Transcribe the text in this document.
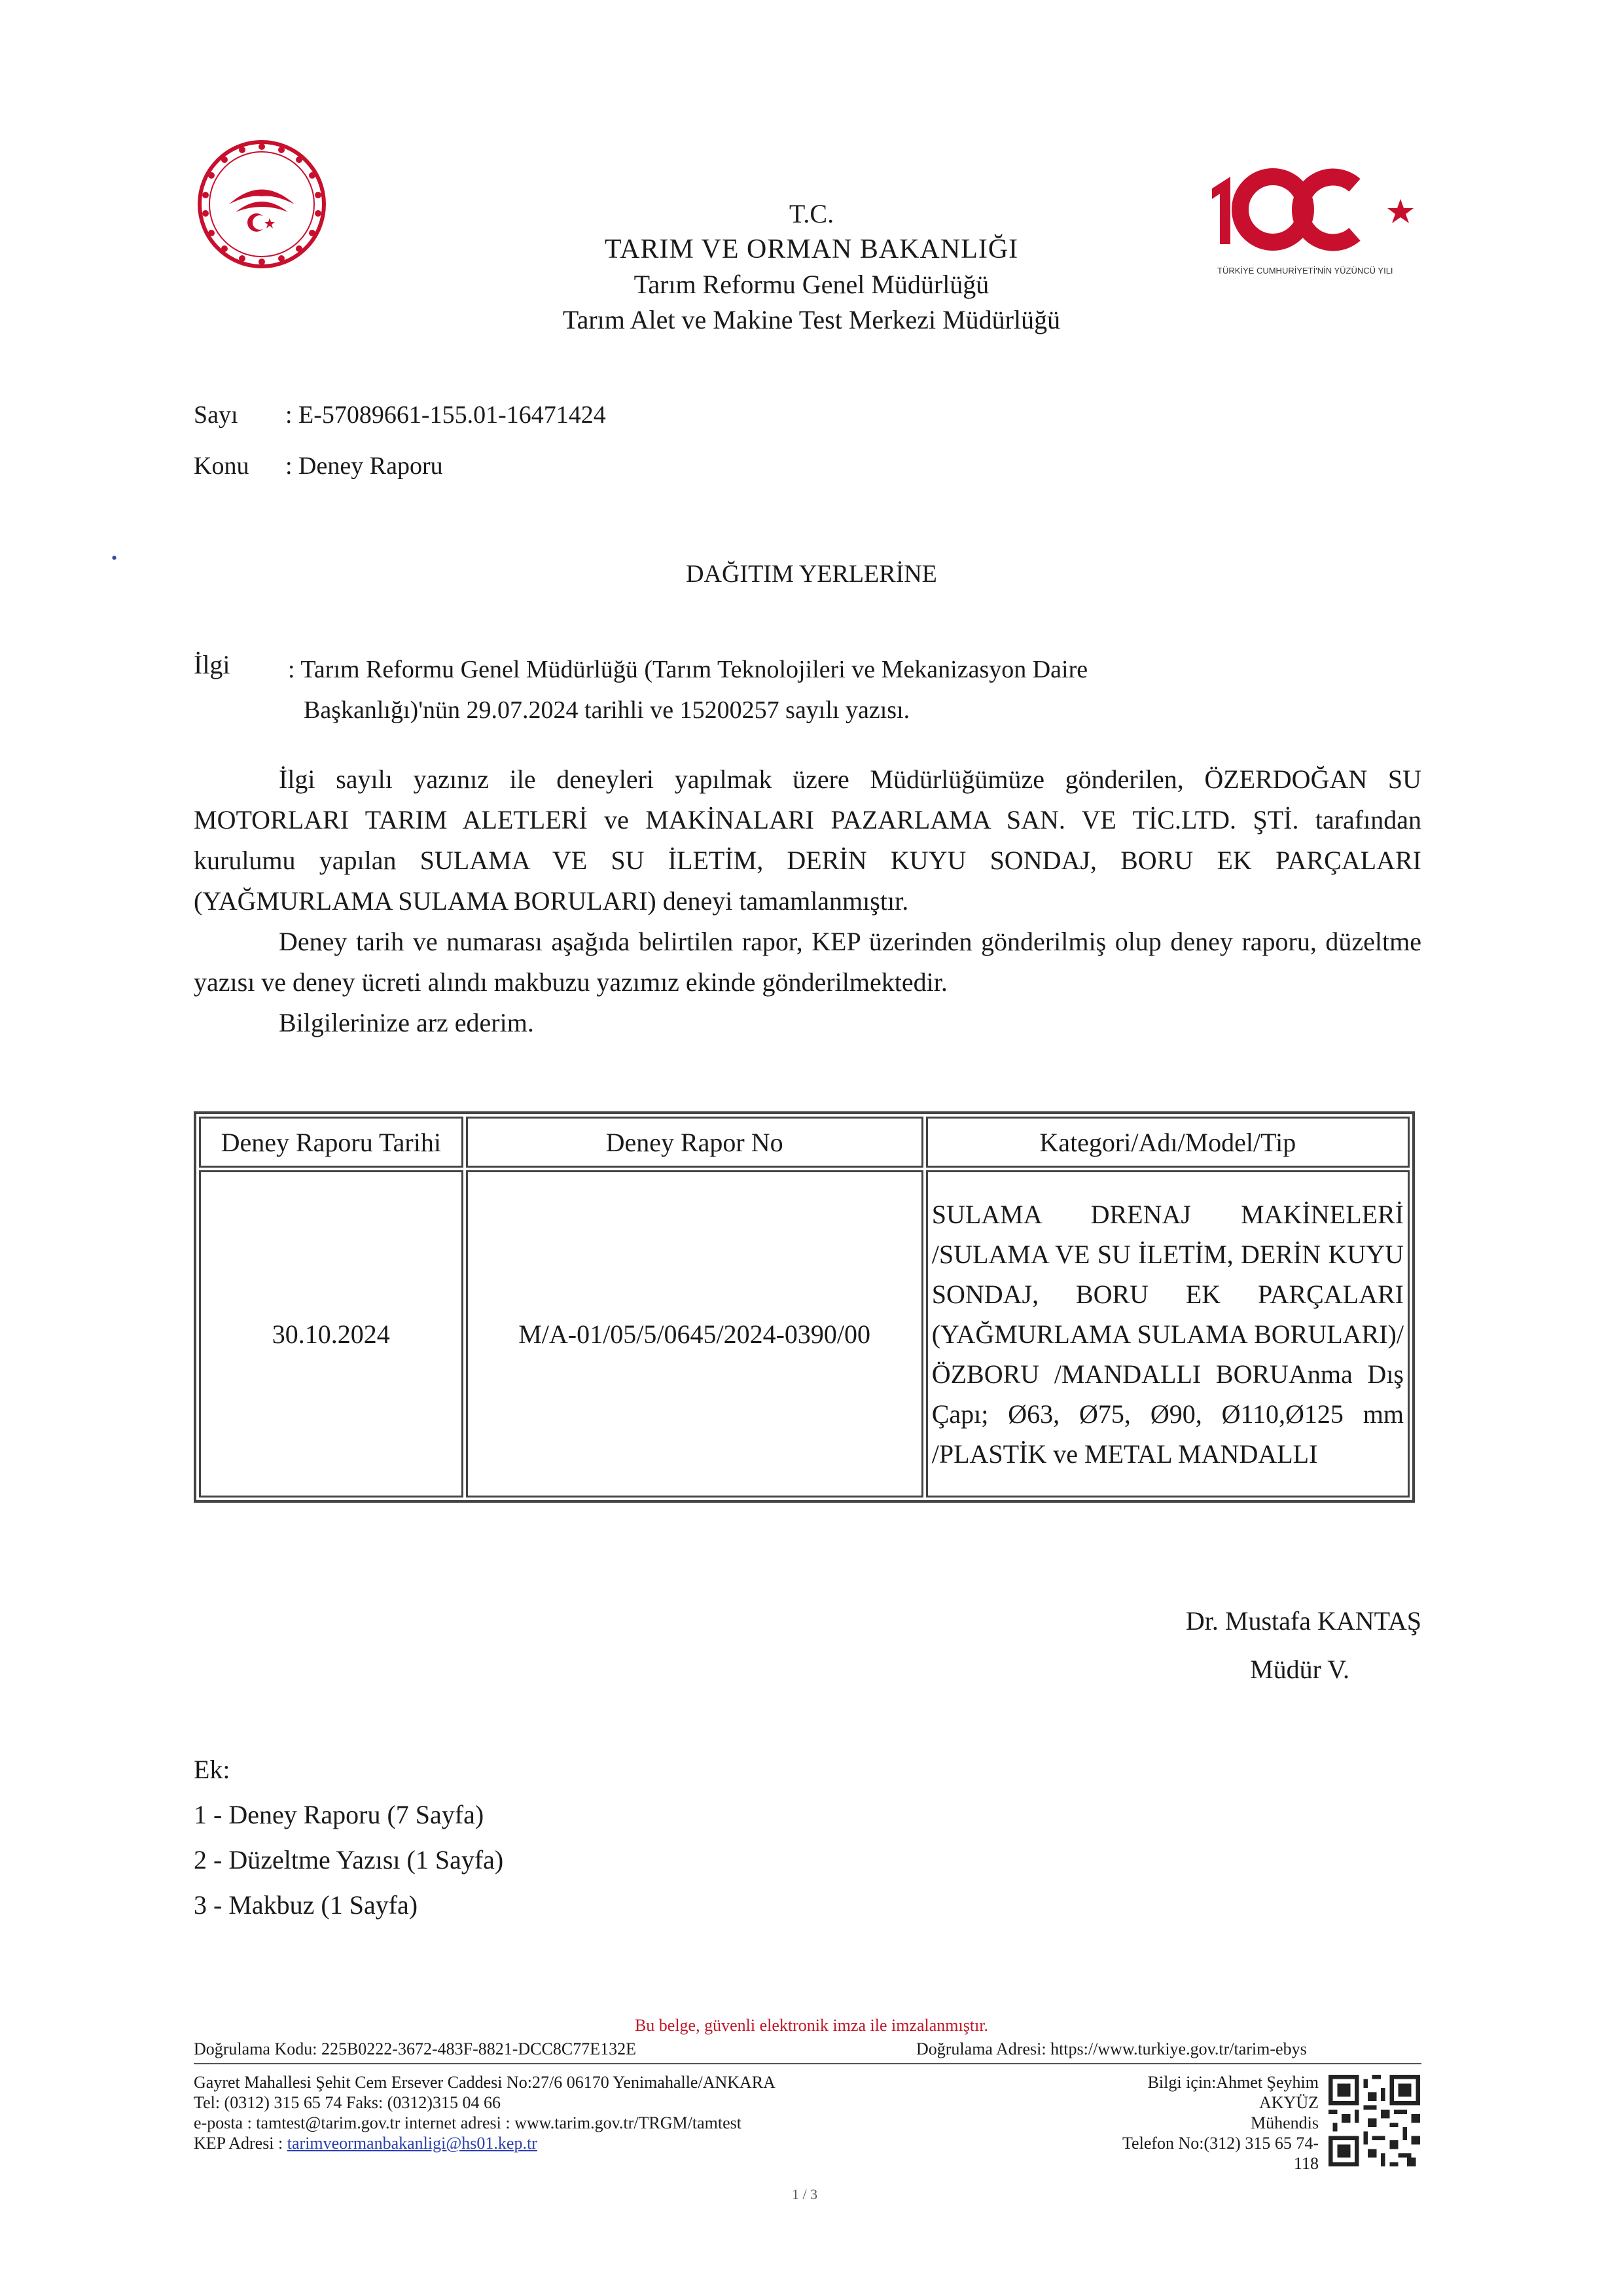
TÜRKİYE CUMHURİYETİ'NİN YÜZÜNCÜ YILI
•
T.C.
TARIM VE ORMAN BAKANLIĞI
Tarım Reformu Genel Müdürlüğü
Tarım Alet ve Makine Test Merkezi Müdürlüğü
Sayı : E-57089661-155.01-16471424
Konu : Deney Raporu
DAĞITIM YERLERİNE
İlgi : Tarım Reformu Genel Müdürlüğü (Tarım Teknolojileri ve Mekanizasyon Daire
Başkanlığı)'nün 29.07.2024 tarihli ve 15200257 sayılı yazısı.

İlgi sayılı yazınız ile deneyleri yapılmak üzere Müdürlüğümüze gönderilen, ÖZERDOĞAN SU MOTORLARI TARIM ALETLERİ ve MAKİNALARI PAZARLAMA SAN. VE TİC.LTD. ŞTİ. tarafından kurulumu yapılan SULAMA VE SU İLETİM, DERİN KUYU SONDAJ, BORU EK PARÇALARI (YAĞMURLAMA SULAMA BORULARI) deneyi tamamlanmıştır.

Deney tarih ve numarası aşağıda belirtilen rapor, KEP üzerinden gönderilmiş olup deney raporu, düzeltme yazısı ve deney ücreti alındı makbuzu yazımız ekinde gönderilmektedir.

Bilgilerinize arz ederim.

Deney Raporu Tarihi	Deney Rapor No	Kategori/Adı/Model/Tip
30.10.2024	M/A-01/05/5/0645/2024-0390/00	SULAMA DRENAJ MAKİNELERİ /SULAMA VE SU İLETİM, DERİN KUYU SONDAJ, BORU EK PARÇALARI (YAĞMURLAMA SULAMA BORULARI)/ÖZBORU /MANDALLI BORUAnma Dış Çapı; Ø63, Ø75, Ø90, Ø110,Ø125 mm /PLASTİK ve METAL MANDALLI
Dr. Mustafa KANTAŞ
Müdür V.
Ek:
1 - Deney Raporu (7 Sayfa)
2 - Düzeltme Yazısı (1 Sayfa)
3 - Makbuz (1 Sayfa)
Bu belge, güvenli elektronik imza ile imzalanmıştır.
Doğrulama Kodu: 225B0222-3672-483F-8821-DCC8C77E132E	Doğrulama Adresi: https://www.turkiye.gov.tr/tarim-ebys
Gayret Mahallesi Şehit Cem Ersever Caddesi No:27/6 06170 Yenimahalle/ANKARA
Tel: (0312) 315 65 74 Faks: (0312)315 04 66
e-posta : tamtest@tarim.gov.tr internet adresi : www.tarim.gov.tr/TRGM/tamtest
KEP Adresi : tarimveormanbakanligi@hs01.kep.tr
Bilgi için:Ahmet Şeyhim
AKYÜZ
Mühendis
Telefon No:(312) 315 65 74-
118
1 / 3
